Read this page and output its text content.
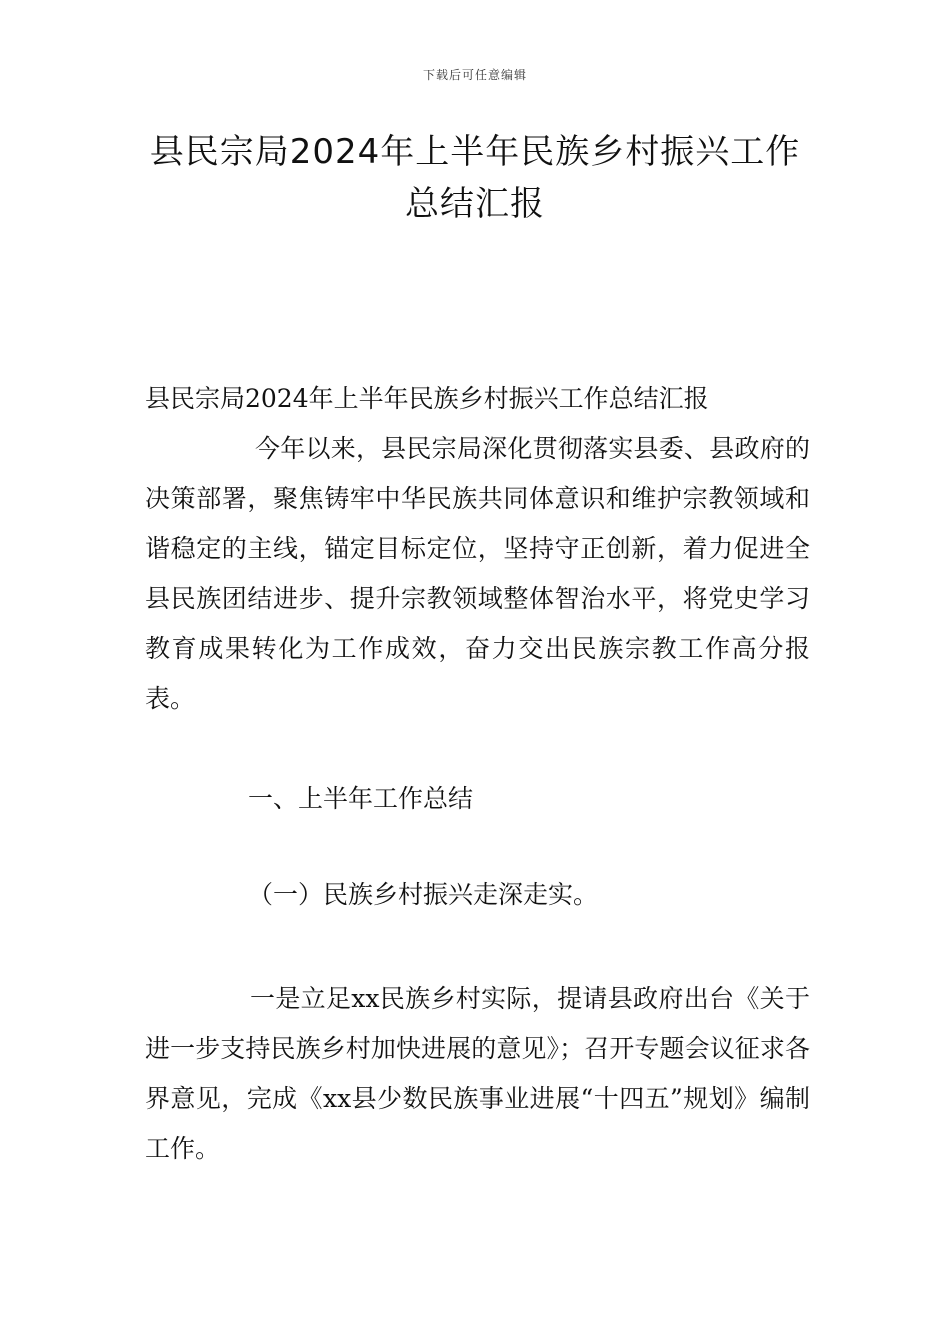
下载后可任意编辑
县民宗局2024年上半年民族乡村振兴工作
总结汇报

县民宗局2024年上半年民族乡村振兴工作总结汇报

今年以来，县民宗局深化贯彻落实县委、县政府的决策部署，聚焦铸牢中华民族共同体意识和维护宗教领域和谐稳定的主线，锚定目标定位，坚持守正创新，着力促进全县民族团结进步、提升宗教领域整体智治水平，将党史学习教育成果转化为工作成效，奋力交出民族宗教工作高分报表。

一、上半年工作总结

（一）民族乡村振兴走深走实。

一是立足xx民族乡村实际，提请县政府出台《关于进一步支持民族乡村加快进展的意见》；召开专题会议征求各界意见，完成《xx县少数民族事业进展“十四五”规划》编制工作。
